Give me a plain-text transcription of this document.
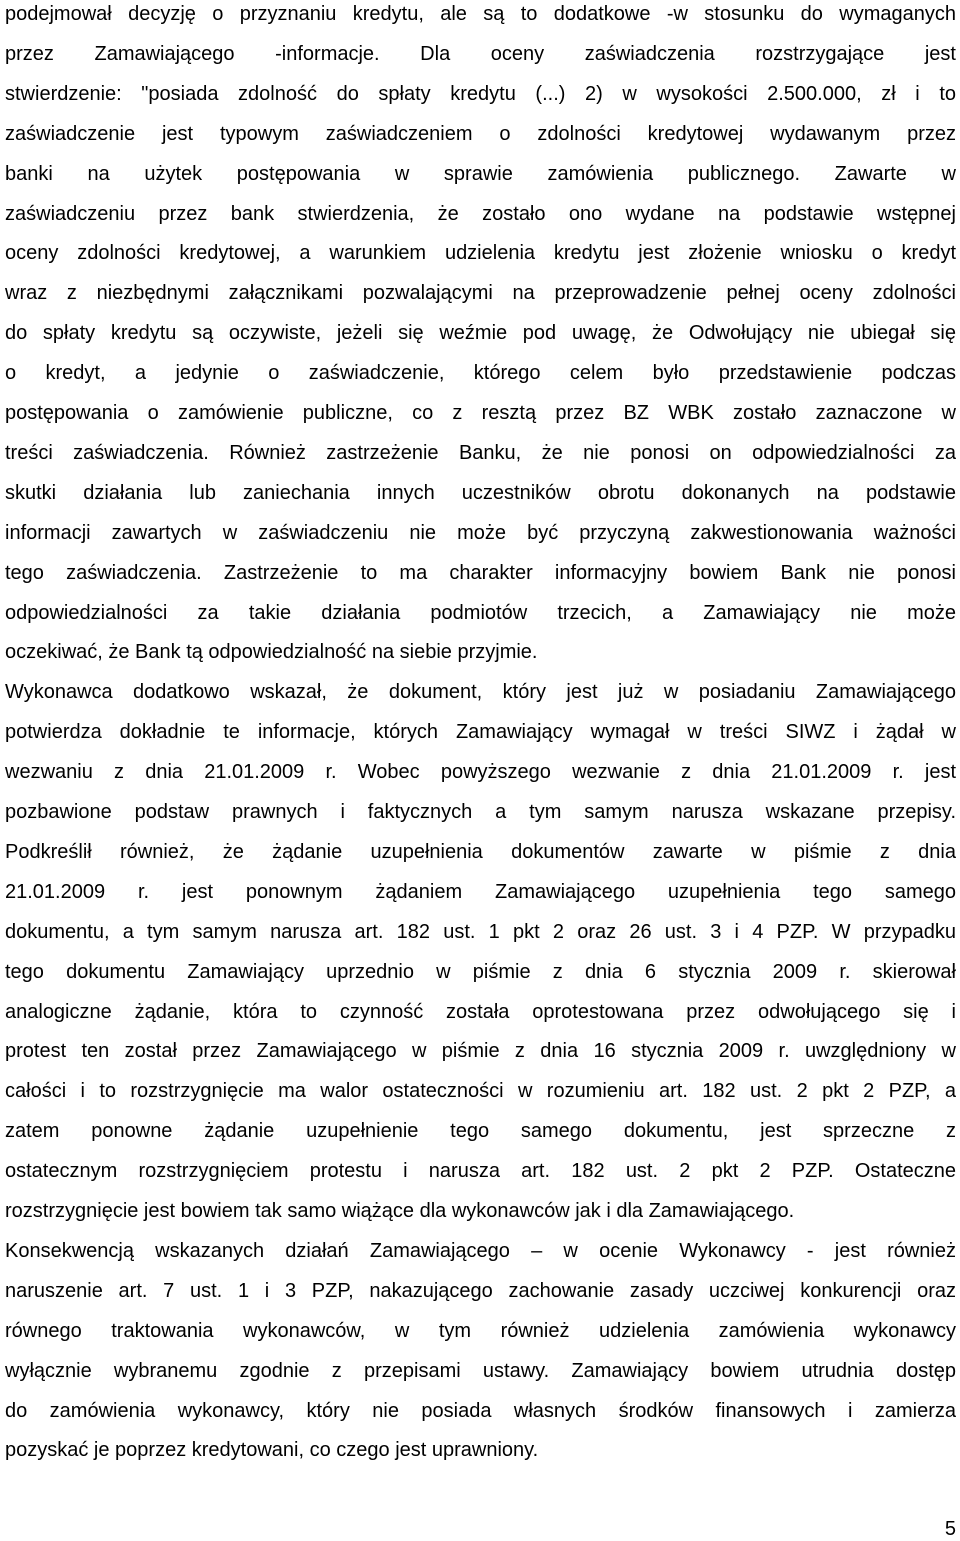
podejmował decyzję o przyznaniu kredytu, ale są to dodatkowe -w stosunku do wymaganych
przez Zamawiającego -informacje. Dla oceny zaświadczenia rozstrzygające jest
stwierdzenie: "posiada zdolność do spłaty kredytu (...) 2) w wysokości 2.500.000, zł i to
zaświadczenie jest typowym zaświadczeniem o zdolności kredytowej wydawanym przez
banki na użytek postępowania w sprawie zamówienia publicznego. Zawarte w
zaświadczeniu przez bank stwierdzenia, że zostało ono wydane na podstawie wstępnej
oceny zdolności kredytowej, a warunkiem udzielenia kredytu jest złożenie wniosku o kredyt
wraz z niezbędnymi załącznikami pozwalającymi na przeprowadzenie pełnej oceny zdolności
do spłaty kredytu są oczywiste, jeżeli się weźmie pod uwagę, że Odwołujący nie ubiegał się
o kredyt, a jedynie o zaświadczenie, którego celem było przedstawienie podczas
postępowania o zamówienie publiczne, co z resztą przez BZ WBK zostało zaznaczone w
treści zaświadczenia. Również zastrzeżenie Banku, że nie ponosi on odpowiedzialności za
skutki działania lub zaniechania innych uczestników obrotu dokonanych na podstawie
informacji zawartych w zaświadczeniu nie może być przyczyną zakwestionowania ważności
tego zaświadczenia. Zastrzeżenie to ma charakter informacyjny bowiem Bank nie ponosi
odpowiedzialności za takie działania podmiotów trzecich, a Zamawiający nie może
oczekiwać, że Bank tą odpowiedzialność na siebie przyjmie.
Wykonawca dodatkowo wskazał, że dokument, który jest już w posiadaniu Zamawiającego
potwierdza dokładnie te informacje, których Zamawiający wymagał w treści SIWZ i żądał w
wezwaniu z dnia 21.01.2009 r. Wobec powyższego wezwanie z dnia 21.01.2009 r. jest
pozbawione podstaw prawnych i faktycznych a tym samym narusza wskazane przepisy.
Podkreślił również, że żądanie uzupełnienia dokumentów zawarte w piśmie z dnia
21.01.2009 r. jest ponownym żądaniem Zamawiającego uzupełnienia tego samego
dokumentu, a tym samym narusza art. 182 ust. 1 pkt 2 oraz 26 ust. 3 i 4 PZP. W przypadku
tego dokumentu Zamawiający uprzednio w piśmie z dnia 6 stycznia 2009 r. skierował
analogiczne żądanie, która to czynność została oprotestowana przez odwołującego się i
protest ten został przez Zamawiającego w piśmie z dnia 16 stycznia 2009 r. uwzględniony w
całości i to rozstrzygnięcie ma walor ostateczności w rozumieniu art. 182 ust. 2 pkt 2 PZP, a
zatem ponowne żądanie uzupełnienie tego samego dokumentu, jest sprzeczne z
ostatecznym rozstrzygnięciem protestu i narusza art. 182 ust. 2 pkt 2 PZP. Ostateczne
rozstrzygnięcie jest bowiem tak samo wiążące dla wykonawców jak i dla Zamawiającego.
Konsekwencją wskazanych działań Zamawiającego – w ocenie Wykonawcy - jest również
naruszenie art. 7 ust. 1 i 3 PZP, nakazującego zachowanie zasady uczciwej konkurencji oraz
równego traktowania wykonawców, w tym również udzielenia zamówienia wykonawcy
wyłącznie wybranemu zgodnie z przepisami ustawy. Zamawiający bowiem utrudnia dostęp
do zamówienia wykonawcy, który nie posiada własnych środków finansowych i zamierza
pozyskać je poprzez kredytowani, co czego jest uprawniony.
5
